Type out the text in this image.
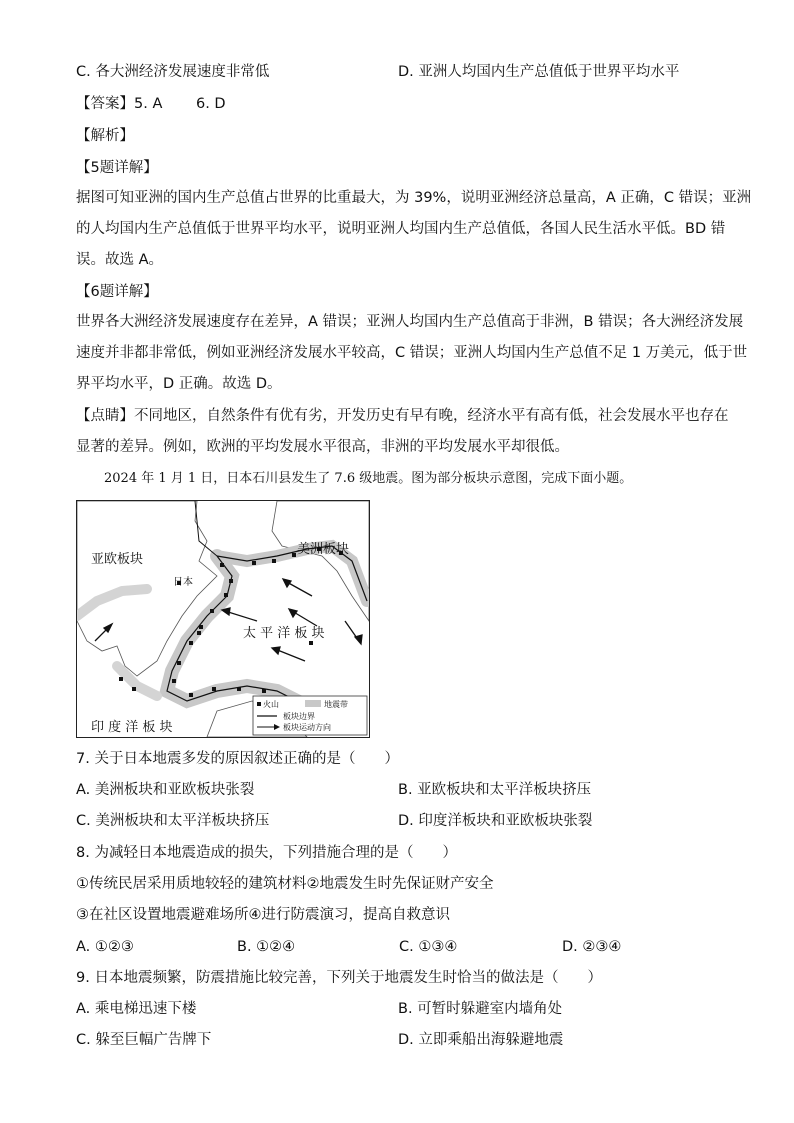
C. 各大洲经济发展速度非常低	D. 亚洲人均国内生产总值低于世界平均水平
【答案】5. A 　　6. D
【解析】
【5题详解】
据图可知亚洲的国内生产总值占世界的比重最大，为 39%，说明亚洲经济总量高，A 正确，C 错误；亚洲
的人均国内生产总值低于世界平均水平，说明亚洲人均国内生产总值低，各国人民生活水平低。BD 错
误。故选 A。
【6题详解】
世界各大洲经济发展速度存在差异，A 错误；亚洲人均国内生产总值高于非洲，B 错误；各大洲经济发展
速度并非都非常低，例如亚洲经济发展水平较高，C 错误；亚洲人均国内生产总值不足 1 万美元，低于世
界平均水平，D 正确。故选 D。
【点睛】不同地区，自然条件有优有劣，开发历史有早有晚，经济水平有高有低，社会发展水平也存在
显著的差异。例如，欧洲的平均发展水平很高，非洲的平均发展水平却很低。
2024 年 1 月 1 日，日本石川县发生了 7.6 级地震。图为部分板块示意图，完成下面小题。
亚欧板块
美洲板块
日本
太 平 洋 板 块
印 度 洋 板 块
火山	地震带
板块边界
板块运动方向
7. 关于日本地震多发的原因叙述正确的是（　　）
A. 美洲板块和亚欧板块张裂	B. 亚欧板块和太平洋板块挤压
C. 美洲板块和太平洋板块挤压	D. 印度洋板块和亚欧板块张裂
8. 为减轻日本地震造成的损失，下列措施合理的是（　　）
①传统民居采用质地较轻的建筑材料②地震发生时先保证财产安全
③在社区设置地震避难场所④进行防震演习，提高自救意识
A. ①②③	B. ①②④	C. ①③④	D. ②③④
9. 日本地震频繁，防震措施比较完善，下列关于地震发生时恰当的做法是（　　）
A. 乘电梯迅速下楼	B. 可暂时躲避室内墙角处
C. 躲至巨幅广告牌下	D. 立即乘船出海躲避地震
